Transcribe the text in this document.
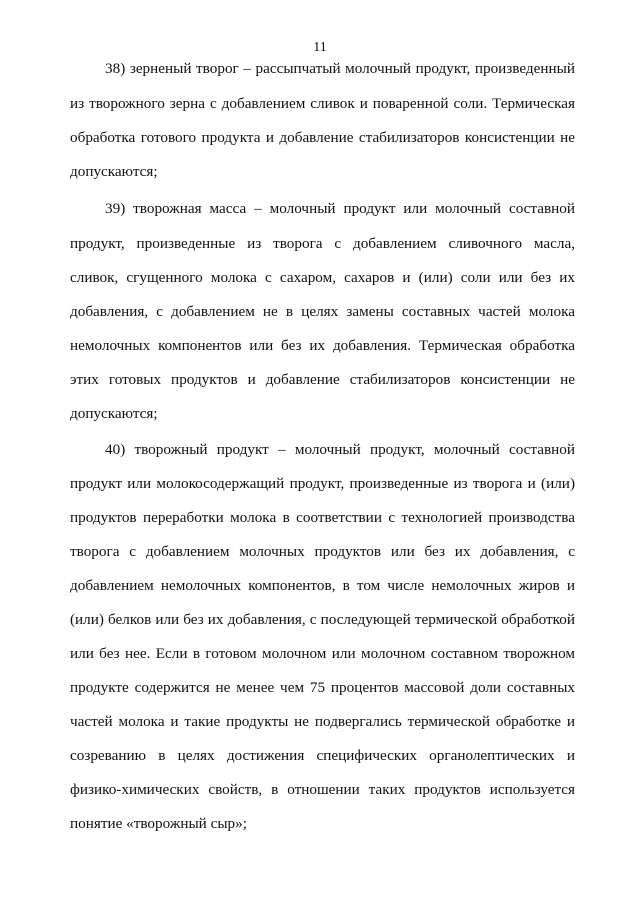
11
38) зерненый творог – рассыпчатый молочный продукт, произведенный
из творожного зерна с добавлением сливок и поваренной соли. Термическая
обработка готового продукта и добавление стабилизаторов консистенции не
допускаются;
39) творожная масса – молочный продукт или молочный составной
продукт, произведенные из творога с добавлением сливочного масла,
сливок, сгущенного молока с сахаром, сахаров и (или) соли или без их
добавления, с добавлением не в целях замены составных частей молока
немолочных компонентов или без их добавления. Термическая обработка
этих готовых продуктов и добавление стабилизаторов консистенции не
допускаются;
40) творожный продукт – молочный продукт, молочный составной
продукт или молокосодержащий продукт, произведенные из творога и (или)
продуктов переработки молока в соответствии с технологией производства
творога с добавлением молочных продуктов или без их добавления, с
добавлением немолочных компонентов, в том числе немолочных жиров и
(или) белков или без их добавления, с последующей термической обработкой
или без нее. Если в готовом молочном или молочном составном творожном
продукте содержится не менее чем 75 процентов массовой доли составных
частей молока и такие продукты не подвергались термической обработке и
созреванию в целях достижения специфических органолептических и
физико-химических свойств, в отношении таких продуктов используется
понятие «творожный сыр»;
